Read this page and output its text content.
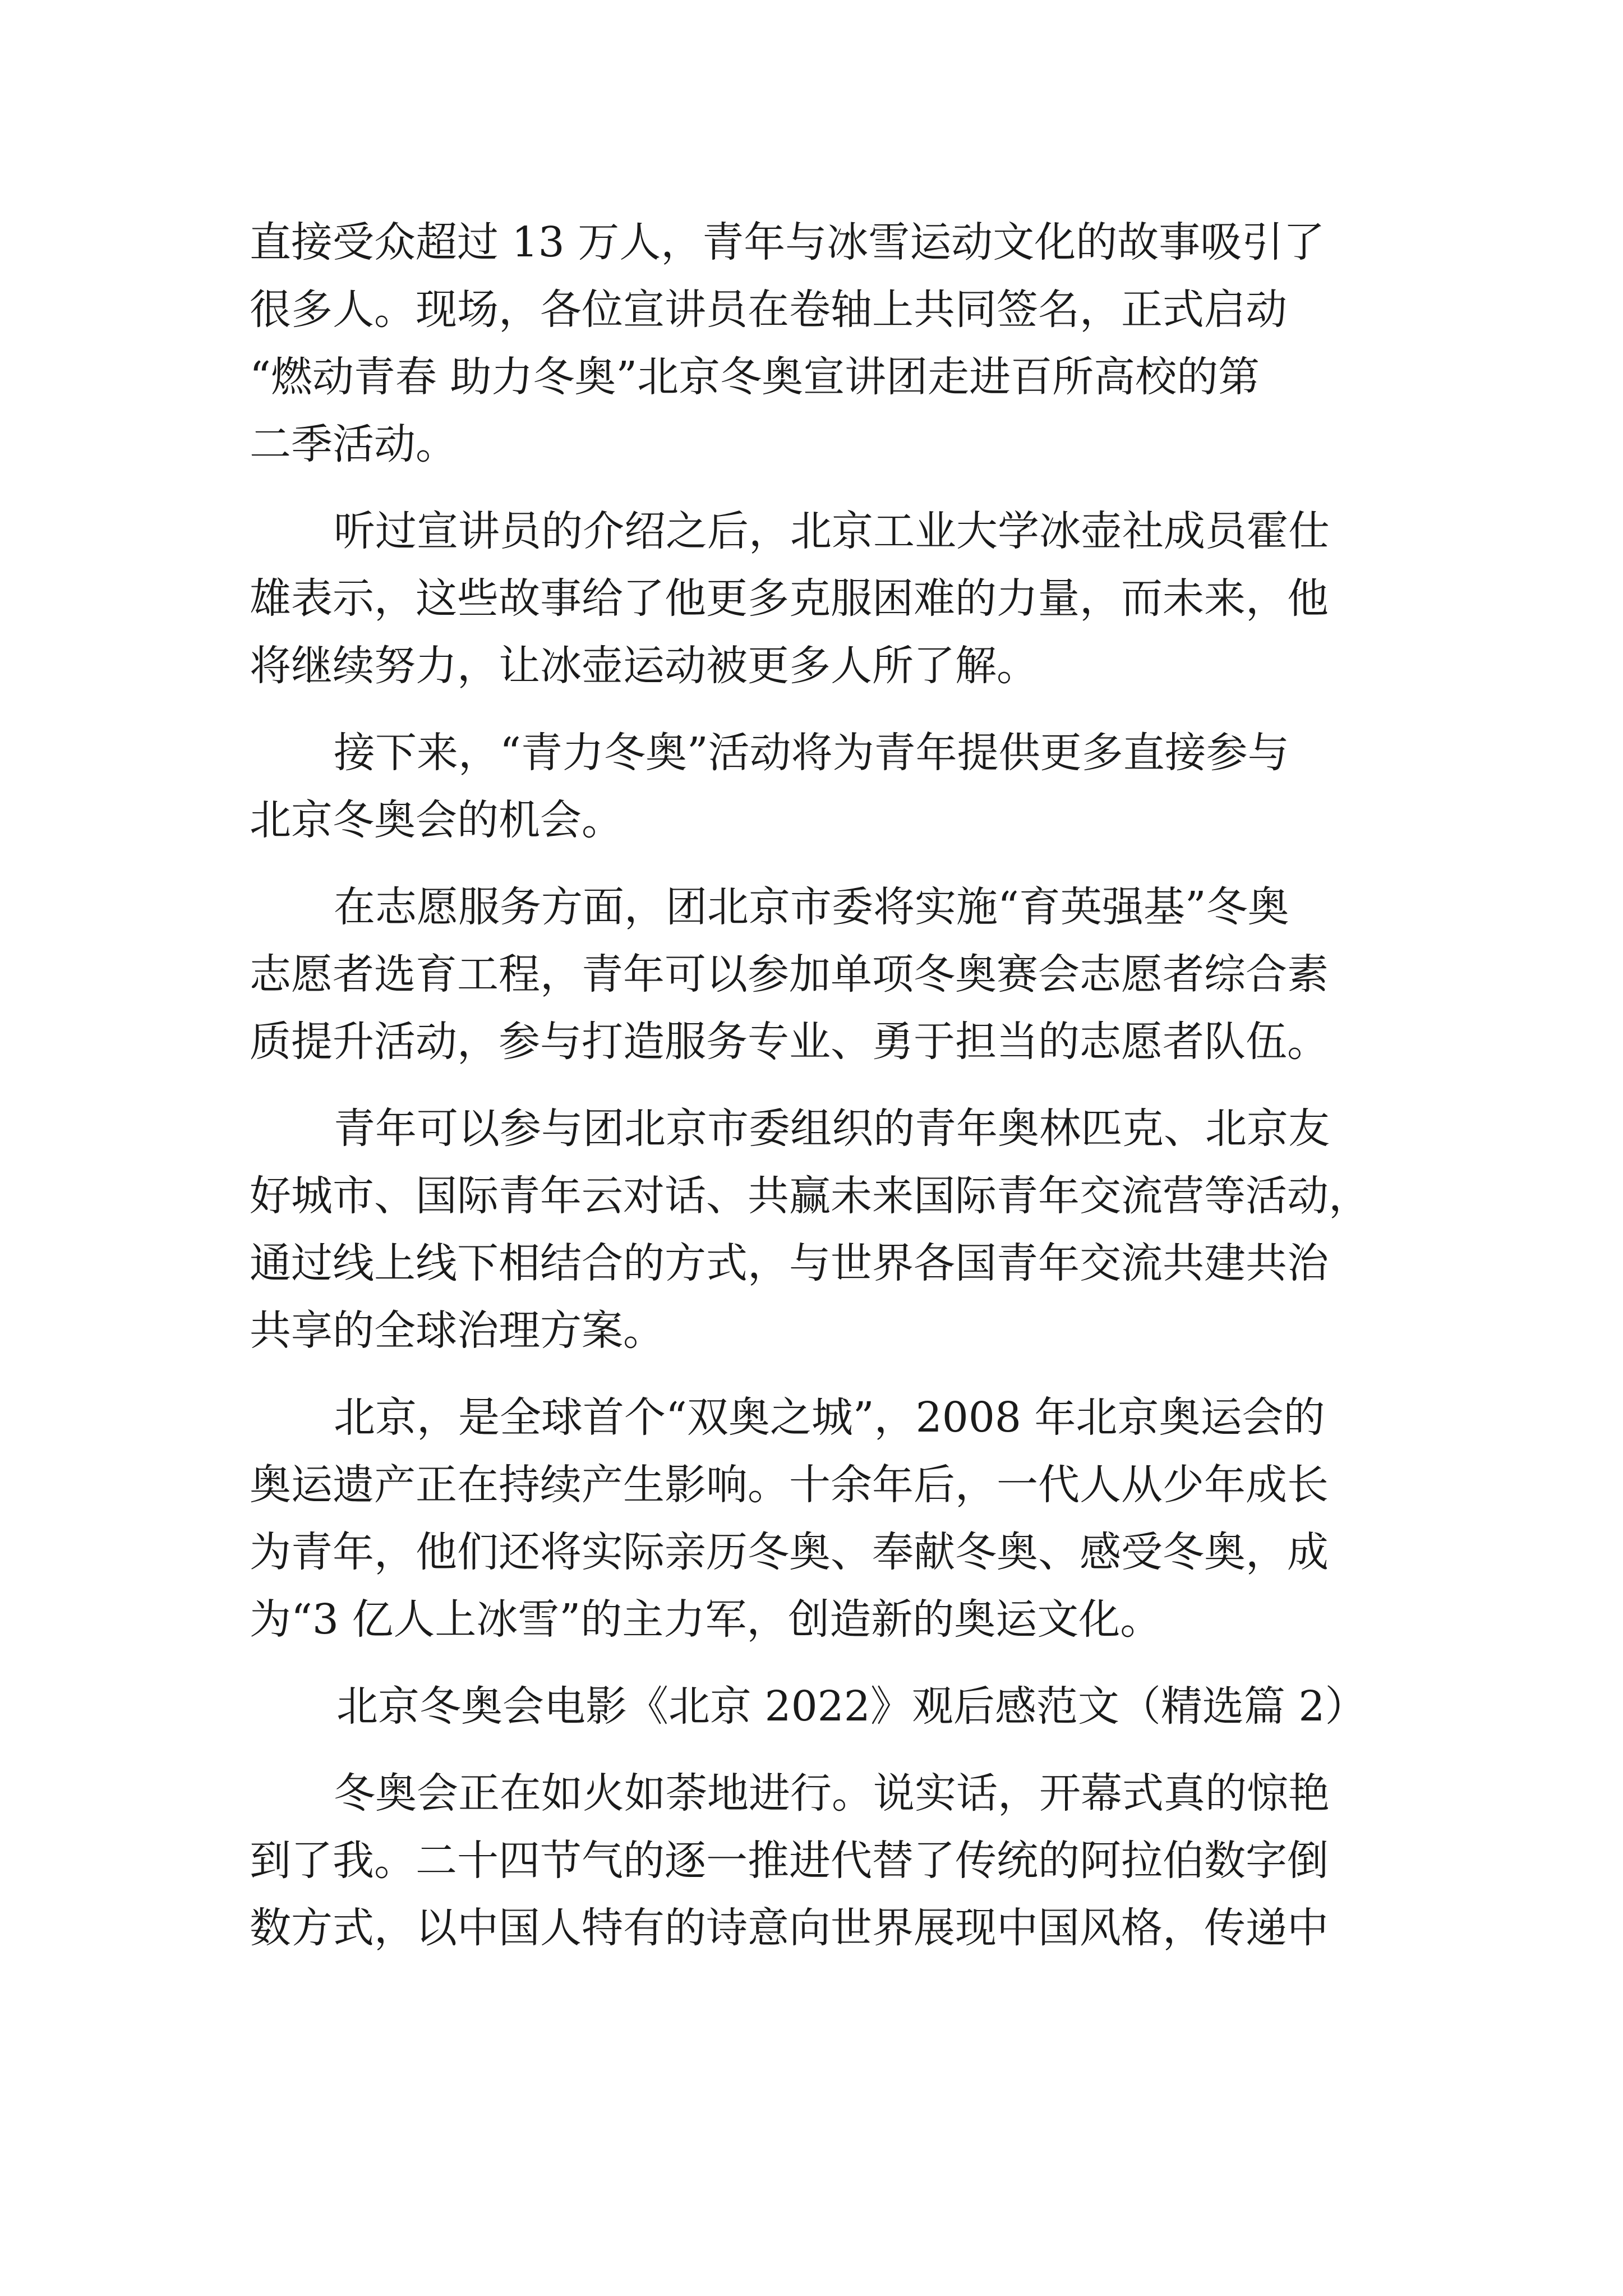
直接受众超过 13 万人，青年与冰雪运动文化的故事吸引了
很多人。现场，各位宣讲员在卷轴上共同签名，正式启动
“燃动青春 助力冬奥”北京冬奥宣讲团走进百所高校的第
二季活动。
听过宣讲员的介绍之后，北京工业大学冰壶社成员霍仕
雄表示，这些故事给了他更多克服困难的力量，而未来，他
将继续努力，让冰壶运动被更多人所了解。
接下来，“青力冬奥”活动将为青年提供更多直接参与
北京冬奥会的机会。
在志愿服务方面，团北京市委将实施“育英强基”冬奥
志愿者选育工程，青年可以参加单项冬奥赛会志愿者综合素
质提升活动，参与打造服务专业、勇于担当的志愿者队伍。
青年可以参与团北京市委组织的青年奥林匹克、北京友
好城市、国际青年云对话、共赢未来国际青年交流营等活动，
通过线上线下相结合的方式，与世界各国青年交流共建共治
共享的全球治理方案。
北京，是全球首个“双奥之城”，2008 年北京奥运会的
奥运遗产正在持续产生影响。十余年后，一代人从少年成长
为青年，他们还将实际亲历冬奥、奉献冬奥、感受冬奥，成
为“3 亿人上冰雪”的主力军，创造新的奥运文化。
北京冬奥会电影《北京 2022》观后感范文（精选篇 2）
冬奥会正在如火如荼地进行。说实话，开幕式真的惊艳
到了我。二十四节气的逐一推进代替了传统的阿拉伯数字倒
数方式，以中国人特有的诗意向世界展现中国风格，传递中
